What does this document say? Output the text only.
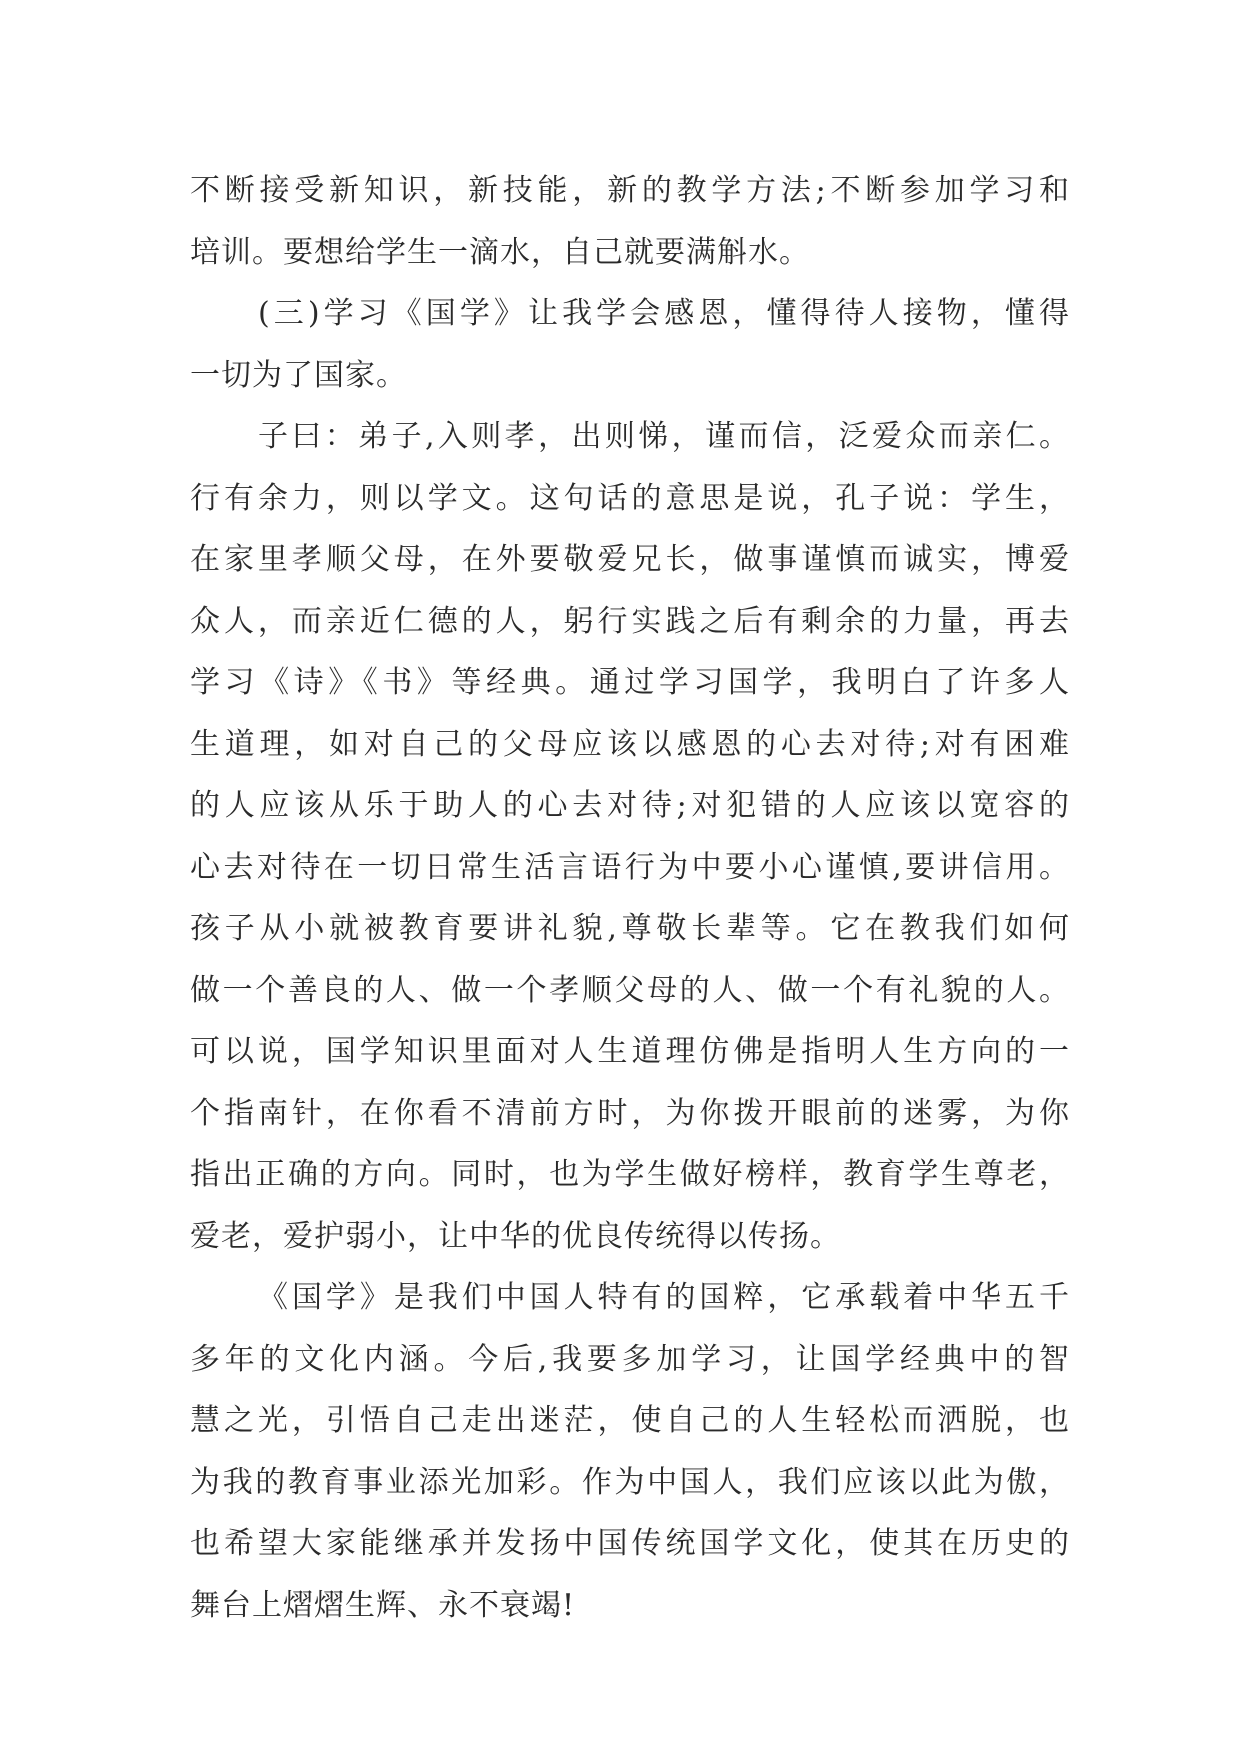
不断接受新知识，新技能，新的教学方法;不断参加学习和
培训。要想给学生一滴水，自己就要满斛水。
(三)学习《国学》让我学会感恩，懂得待人接物，懂得
一切为了国家。
子曰：弟子,入则孝，出则悌，谨而信，泛爱众而亲仁。
行有余力，则以学文。这句话的意思是说，孔子说：学生，
在家里孝顺父母，在外要敬爱兄长，做事谨慎而诚实，博爱
众人，而亲近仁德的人，躬行实践之后有剩余的力量，再去
学习《诗》《书》等经典。通过学习国学，我明白了许多人
生道理，如对自己的父母应该以感恩的心去对待;对有困难
的人应该从乐于助人的心去对待;对犯错的人应该以宽容的
心去对待在一切日常生活言语行为中要小心谨慎,要讲信用。
孩子从小就被教育要讲礼貌,尊敬长辈等。它在教我们如何
做一个善良的人、做一个孝顺父母的人、做一个有礼貌的人。
可以说，国学知识里面对人生道理仿佛是指明人生方向的一
个指南针，在你看不清前方时，为你拨开眼前的迷雾，为你
指出正确的方向。同时，也为学生做好榜样，教育学生尊老，
爱老，爱护弱小，让中华的优良传统得以传扬。
《国学》是我们中国人特有的国粹，它承载着中华五千
多年的文化内涵。今后,我要多加学习，让国学经典中的智
慧之光，引悟自己走出迷茫，使自己的人生轻松而洒脱，也
为我的教育事业添光加彩。作为中国人，我们应该以此为傲，
也希望大家能继承并发扬中国传统国学文化，使其在历史的
舞台上熠熠生辉、永不衰竭!
